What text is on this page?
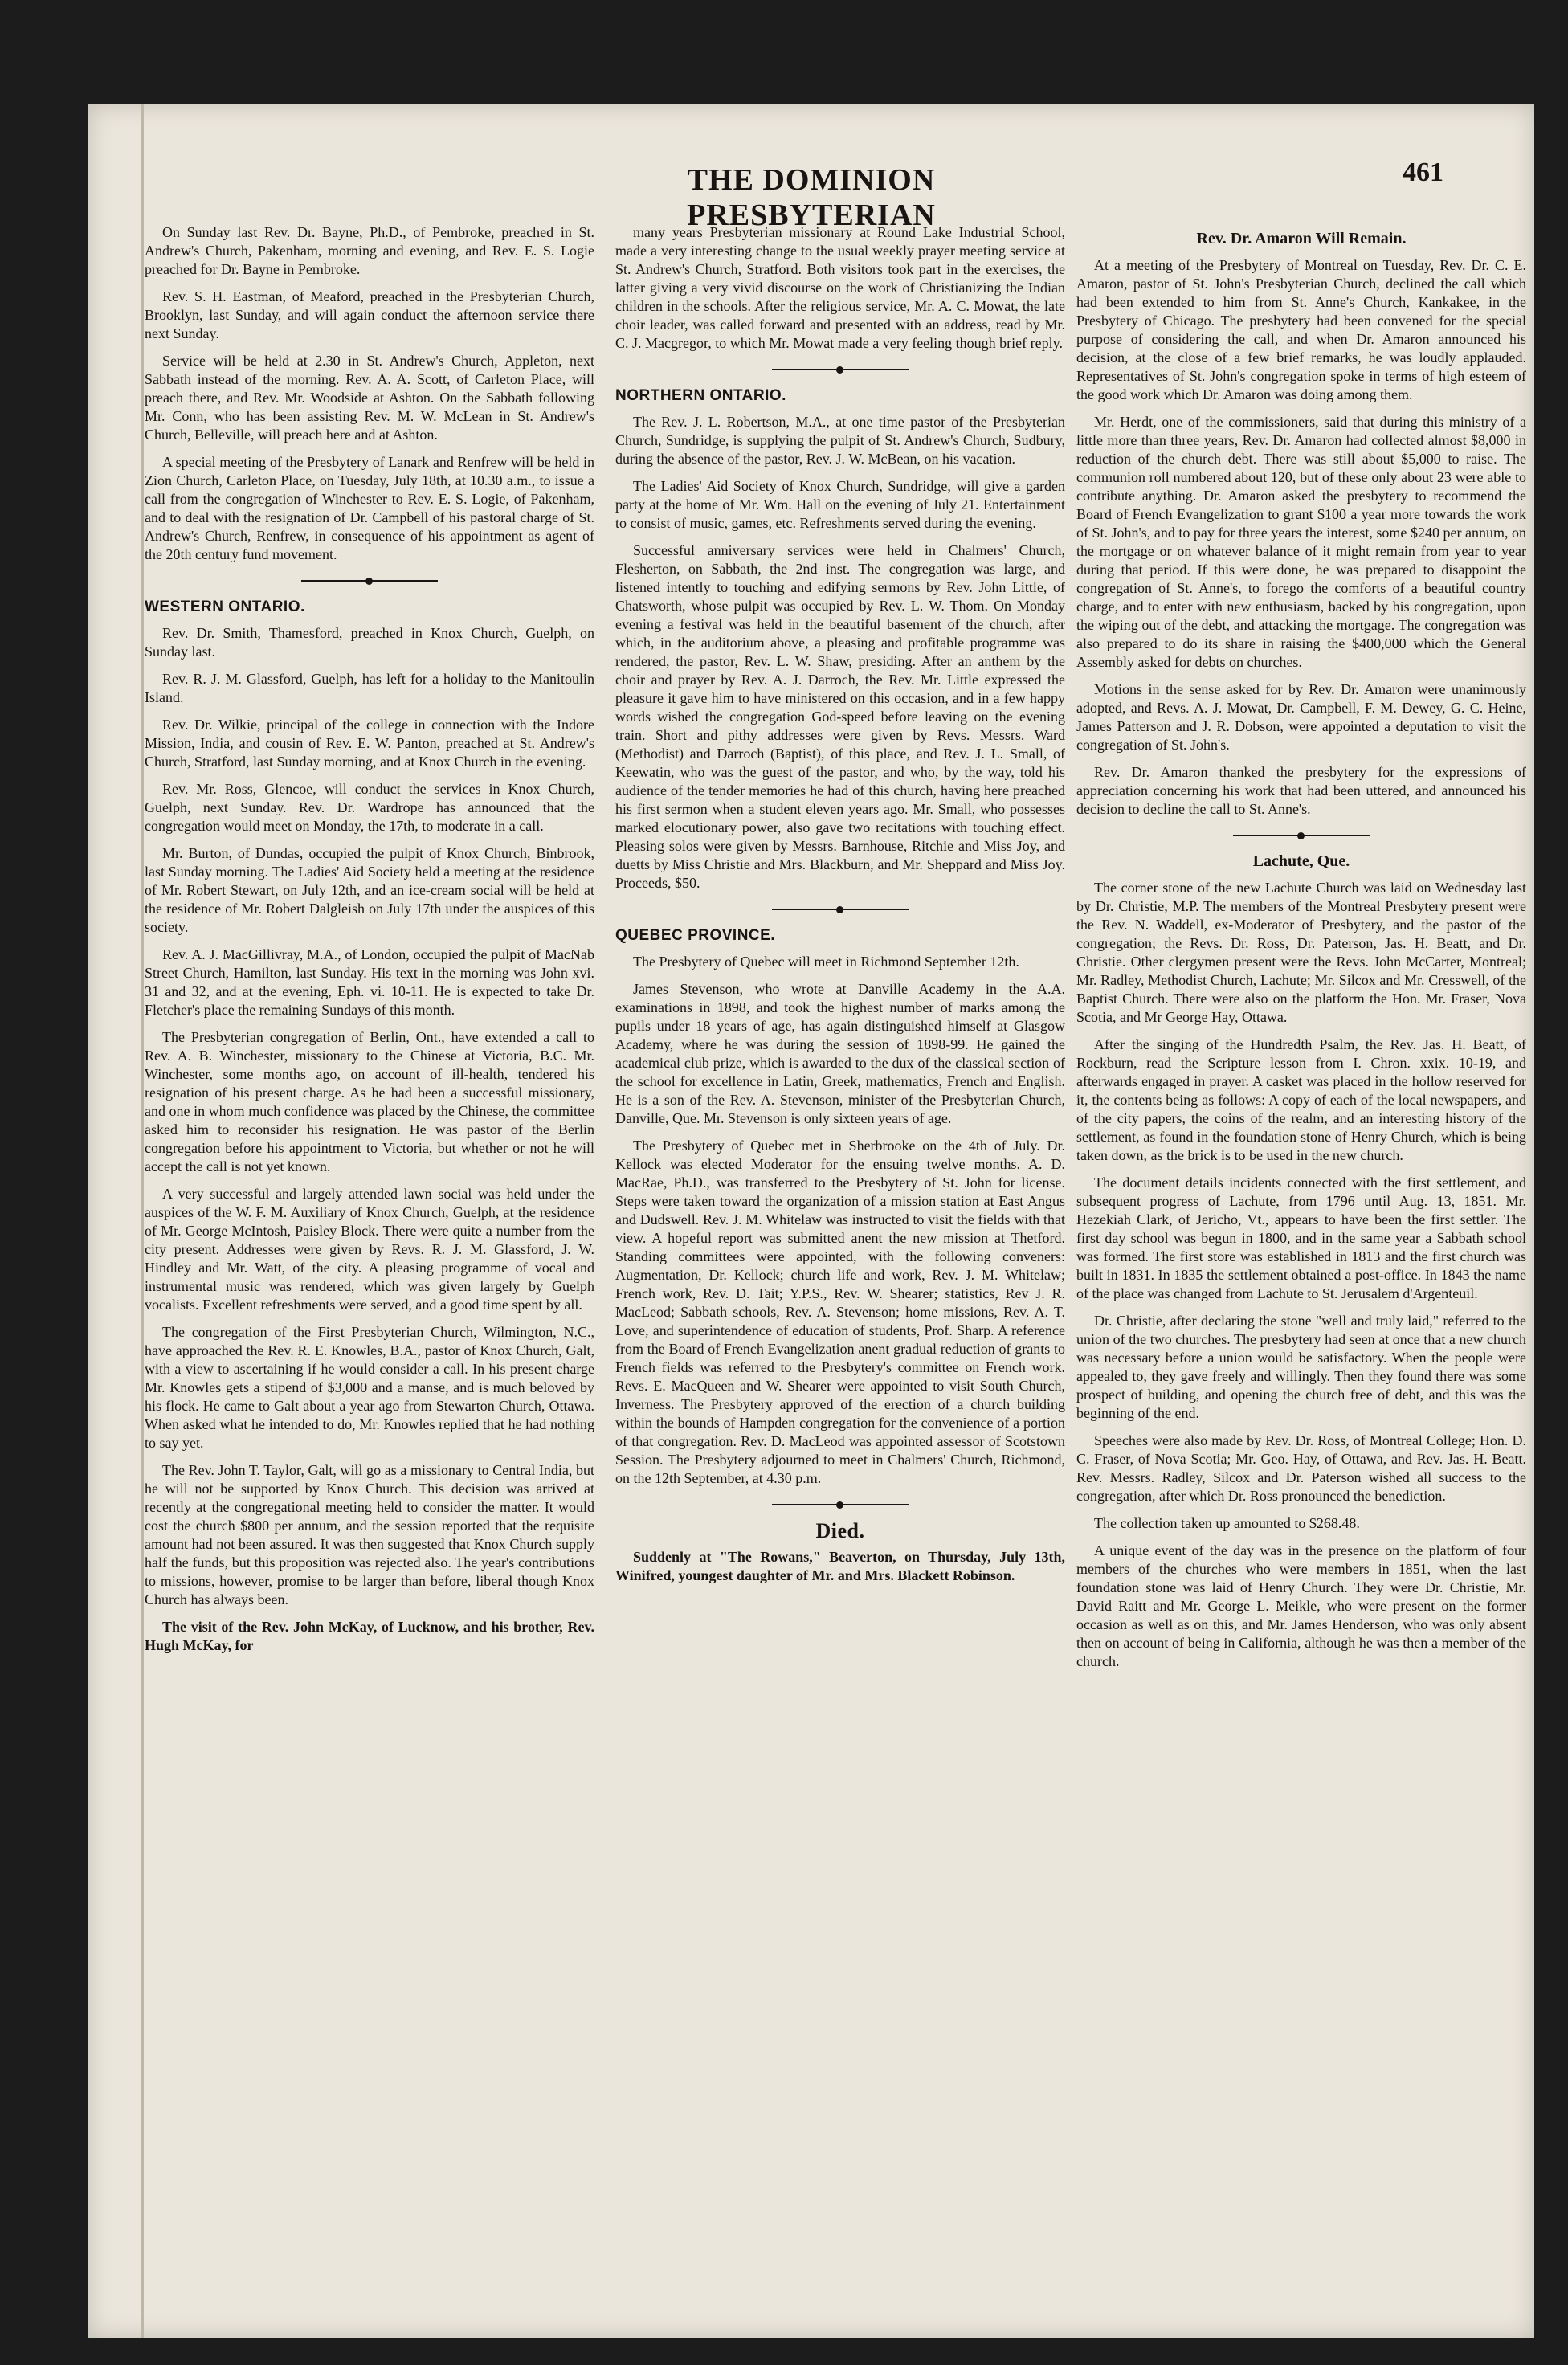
THE DOMINION PRESBYTERIAN
461

On Sunday last Rev. Dr. Bayne, Ph.D., of Pembroke, preached in St. Andrew's Church, Pakenham, morning and evening, and Rev. E. S. Logie preached for Dr. Bayne in Pembroke.

Rev. S. H. Eastman, of Meaford, preached in the Presbyterian Church, Brooklyn, last Sunday, and will again conduct the afternoon service there next Sunday.

Service will be held at 2.30 in St. Andrew's Church, Appleton, next Sabbath instead of the morning. Rev. A. A. Scott, of Carleton Place, will preach there, and Rev. Mr. Woodside at Ashton. On the Sabbath following Mr. Conn, who has been assisting Rev. M. W. McLean in St. Andrew's Church, Belleville, will preach here and at Ashton.

A special meeting of the Presbytery of Lanark and Renfrew will be held in Zion Church, Carleton Place, on Tuesday, July 18th, at 10.30 a.m., to issue a call from the congregation of Winchester to Rev. E. S. Logie, of Pakenham, and to deal with the resignation of Dr. Campbell of his pastoral charge of St. Andrew's Church, Renfrew, in consequence of his appointment as agent of the 20th century fund movement.

WESTERN ONTARIO.

Rev. Dr. Smith, Thamesford, preached in Knox Church, Guelph, on Sunday last.

Rev. R. J. M. Glassford, Guelph, has left for a holiday to the Manitoulin Island.

Rev. Dr. Wilkie, principal of the college in connection with the Indore Mission, India, and cousin of Rev. E. W. Panton, preached at St. Andrew's Church, Stratford, last Sunday morning, and at Knox Church in the evening.

Rev. Mr. Ross, Glencoe, will conduct the services in Knox Church, Guelph, next Sunday. Rev. Dr. Wardrope has announced that the congregation would meet on Monday, the 17th, to moderate in a call.

Mr. Burton, of Dundas, occupied the pulpit of Knox Church, Binbrook, last Sunday morning. The Ladies' Aid Society held a meeting at the residence of Mr. Robert Stewart, on July 12th, and an ice-cream social will be held at the residence of Mr. Robert Dalgleish on July 17th under the auspices of this society.

Rev. A. J. MacGillivray, M.A., of London, occupied the pulpit of MacNab Street Church, Hamilton, last Sunday. His text in the morning was John xvi. 31 and 32, and at the evening, Eph. vi. 10-11. He is expected to take Dr. Fletcher's place the remaining Sundays of this month.

The Presbyterian congregation of Berlin, Ont., have extended a call to Rev. A. B. Winchester, missionary to the Chinese at Victoria, B.C. Mr. Winchester, some months ago, on account of ill-health, tendered his resignation of his present charge. As he had been a successful missionary, and one in whom much confidence was placed by the Chinese, the committee asked him to reconsider his resignation. He was pastor of the Berlin congregation before his appointment to Victoria, but whether or not he will accept the call is not yet known.

A very successful and largely attended lawn social was held under the auspices of the W. F. M. Auxiliary of Knox Church, Guelph, at the residence of Mr. George McIntosh, Paisley Block. There were quite a number from the city present. Addresses were given by Revs. R. J. M. Glassford, J. W. Hindley and Mr. Watt, of the city. A pleasing programme of vocal and instrumental music was rendered, which was given largely by Guelph vocalists. Excellent refreshments were served, and a good time spent by all.

The congregation of the First Presbyterian Church, Wilmington, N.C., have approached the Rev. R. E. Knowles, B.A., pastor of Knox Church, Galt, with a view to ascertaining if he would consider a call. In his present charge Mr. Knowles gets a stipend of $3,000 and a manse, and is much beloved by his flock. He came to Galt about a year ago from Stewarton Church, Ottawa. When asked what he intended to do, Mr. Knowles replied that he had nothing to say yet.

The Rev. John T. Taylor, Galt, will go as a missionary to Central India, but he will not be supported by Knox Church. This decision was arrived at recently at the congregational meeting held to consider the matter. It would cost the church $800 per annum, and the session reported that the requisite amount had not been assured. It was then suggested that Knox Church supply half the funds, but this proposition was rejected also. The year's contributions to missions, however, promise to be larger than before, liberal though Knox Church has always been.

The visit of the Rev. John McKay, of Lucknow, and his brother, Rev. Hugh McKay, for

many years Presbyterian missionary at Round Lake Industrial School, made a very interesting change to the usual weekly prayer meeting service at St. Andrew's Church, Stratford. Both visitors took part in the exercises, the latter giving a very vivid discourse on the work of Christianizing the Indian children in the schools. After the religious service, Mr. A. C. Mowat, the late choir leader, was called forward and presented with an address, read by Mr. C. J. Macgregor, to which Mr. Mowat made a very feeling though brief reply.

NORTHERN ONTARIO.

The Rev. J. L. Robertson, M.A., at one time pastor of the Presbyterian Church, Sundridge, is supplying the pulpit of St. Andrew's Church, Sudbury, during the absence of the pastor, Rev. J. W. McBean, on his vacation.

The Ladies' Aid Society of Knox Church, Sundridge, will give a garden party at the home of Mr. Wm. Hall on the evening of July 21. Entertainment to consist of music, games, etc. Refreshments served during the evening.

Successful anniversary services were held in Chalmers' Church, Flesherton, on Sabbath, the 2nd inst. The congregation was large, and listened intently to touching and edifying sermons by Rev. John Little, of Chatsworth, whose pulpit was occupied by Rev. L. W. Thom. On Monday evening a festival was held in the beautiful basement of the church, after which, in the auditorium above, a pleasing and profitable programme was rendered, the pastor, Rev. L. W. Shaw, presiding. After an anthem by the choir and prayer by Rev. A. J. Darroch, the Rev. Mr. Little expressed the pleasure it gave him to have ministered on this occasion, and in a few happy words wished the congregation God-speed before leaving on the evening train. Short and pithy addresses were given by Revs. Messrs. Ward (Methodist) and Darroch (Baptist), of this place, and Rev. J. L. Small, of Keewatin, who was the guest of the pastor, and who, by the way, told his audience of the tender memories he had of this church, having here preached his first sermon when a student eleven years ago. Mr. Small, who possesses marked elocutionary power, also gave two recitations with touching effect. Pleasing solos were given by Messrs. Barnhouse, Ritchie and Miss Joy, and duetts by Miss Christie and Mrs. Blackburn, and Mr. Sheppard and Miss Joy. Proceeds, $50.

QUEBEC PROVINCE.

The Presbytery of Quebec will meet in Richmond September 12th.

James Stevenson, who wrote at Danville Academy in the A.A. examinations in 1898, and took the highest number of marks among the pupils under 18 years of age, has again distinguished himself at Glasgow Academy, where he was during the session of 1898-99. He gained the academical club prize, which is awarded to the dux of the classical section of the school for excellence in Latin, Greek, mathematics, French and English. He is a son of the Rev. A. Stevenson, minister of the Presbyterian Church, Danville, Que. Mr. Stevenson is only sixteen years of age.

The Presbytery of Quebec met in Sherbrooke on the 4th of July. Dr. Kellock was elected Moderator for the ensuing twelve months. A. D. MacRae, Ph.D., was transferred to the Presbytery of St. John for license. Steps were taken toward the organization of a mission station at East Angus and Dudswell. Rev. J. M. Whitelaw was instructed to visit the fields with that view. A hopeful report was submitted anent the new mission at Thetford. Standing committees were appointed, with the following conveners: Augmentation, Dr. Kellock; church life and work, Rev. J. M. Whitelaw; French work, Rev. D. Tait; Y.P.S., Rev. W. Shearer; statistics, Rev J. R. MacLeod; Sabbath schools, Rev. A. Stevenson; home missions, Rev. A. T. Love, and superintendence of education of students, Prof. Sharp. A reference from the Board of French Evangelization anent gradual reduction of grants to French fields was referred to the Presbytery's committee on French work. Revs. E. MacQueen and W. Shearer were appointed to visit South Church, Inverness. The Presbytery approved of the erection of a church building within the bounds of Hampden congregation for the convenience of a portion of that congregation. Rev. D. MacLeod was appointed assessor of Scotstown Session. The Presbytery adjourned to meet in Chalmers' Church, Richmond, on the 12th September, at 4.30 p.m.

Died.

Suddenly at "The Rowans," Beaverton, on Thursday, July 13th, Winifred, youngest daughter of Mr. and Mrs. Blackett Robinson.

Rev. Dr. Amaron Will Remain.

At a meeting of the Presbytery of Montreal on Tuesday, Rev. Dr. C. E. Amaron, pastor of St. John's Presbyterian Church, declined the call which had been extended to him from St. Anne's Church, Kankakee, in the Presbytery of Chicago. The presbytery had been convened for the special purpose of considering the call, and when Dr. Amaron announced his decision, at the close of a few brief remarks, he was loudly applauded. Representatives of St. John's congregation spoke in terms of high esteem of the good work which Dr. Amaron was doing among them.

Mr. Herdt, one of the commissioners, said that during this ministry of a little more than three years, Rev. Dr. Amaron had collected almost $8,000 in reduction of the church debt. There was still about $5,000 to raise. The communion roll numbered about 120, but of these only about 23 were able to contribute anything. Dr. Amaron asked the presbytery to recommend the Board of French Evangelization to grant $100 a year more towards the work of St. John's, and to pay for three years the interest, some $240 per annum, on the mortgage or on whatever balance of it might remain from year to year during that period. If this were done, he was prepared to disappoint the congregation of St. Anne's, to forego the comforts of a beautiful country charge, and to enter with new enthusiasm, backed by his congregation, upon the wiping out of the debt, and attacking the mortgage. The congregation was also prepared to do its share in raising the $400,000 which the General Assembly asked for debts on churches.

Motions in the sense asked for by Rev. Dr. Amaron were unanimously adopted, and Revs. A. J. Mowat, Dr. Campbell, F. M. Dewey, G. C. Heine, James Patterson and J. R. Dobson, were appointed a deputation to visit the congregation of St. John's.

Rev. Dr. Amaron thanked the presbytery for the expressions of appreciation concerning his work that had been uttered, and announced his decision to decline the call to St. Anne's.

Lachute, Que.

The corner stone of the new Lachute Church was laid on Wednesday last by Dr. Christie, M.P. The members of the Montreal Presbytery present were the Rev. N. Waddell, ex-Moderator of Presbytery, and the pastor of the congregation; the Revs. Dr. Ross, Dr. Paterson, Jas. H. Beatt, and Dr. Christie. Other clergymen present were the Revs. John McCarter, Montreal; Mr. Radley, Methodist Church, Lachute; Mr. Silcox and Mr. Cresswell, of the Baptist Church. There were also on the platform the Hon. Mr. Fraser, Nova Scotia, and Mr George Hay, Ottawa.

After the singing of the Hundredth Psalm, the Rev. Jas. H. Beatt, of Rockburn, read the Scripture lesson from I. Chron. xxix. 10-19, and afterwards engaged in prayer. A casket was placed in the hollow reserved for it, the contents being as follows: A copy of each of the local newspapers, and of the city papers, the coins of the realm, and an interesting history of the settlement, as found in the foundation stone of Henry Church, which is being taken down, as the brick is to be used in the new church.

The document details incidents connected with the first settlement, and subsequent progress of Lachute, from 1796 until Aug. 13, 1851. Mr. Hezekiah Clark, of Jericho, Vt., appears to have been the first settler. The first day school was begun in 1800, and in the same year a Sabbath school was formed. The first store was established in 1813 and the first church was built in 1831. In 1835 the settlement obtained a post-office. In 1843 the name of the place was changed from Lachute to St. Jerusalem d'Argenteuil.

Dr. Christie, after declaring the stone "well and truly laid," referred to the union of the two churches. The presbytery had seen at once that a new church was necessary before a union would be satisfactory. When the people were appealed to, they gave freely and willingly. Then they found there was some prospect of building, and opening the church free of debt, and this was the beginning of the end.

Speeches were also made by Rev. Dr. Ross, of Montreal College; Hon. D. C. Fraser, of Nova Scotia; Mr. Geo. Hay, of Ottawa, and Rev. Jas. H. Beatt. Rev. Messrs. Radley, Silcox and Dr. Paterson wished all success to the congregation, after which Dr. Ross pronounced the benediction.

The collection taken up amounted to $268.48.

A unique event of the day was in the presence on the platform of four members of the churches who were members in 1851, when the last foundation stone was laid of Henry Church. They were Dr. Christie, Mr. David Raitt and Mr. George L. Meikle, who were present on the former occasion as well as on this, and Mr. James Henderson, who was only absent then on account of being in California, although he was then a member of the church.
